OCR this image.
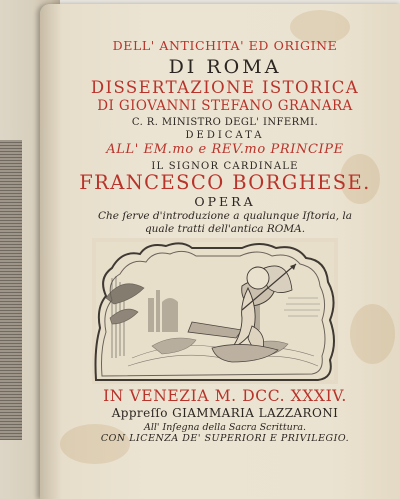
DELL' ANTICHITA' ED ORIGINE
DI ROMA
DISSERTAZIONE ISTORICA
DI GIOVANNI STEFANO GRANARA
C. R. MINISTRO DEGL' INFERMI.
DEDICATA
ALL' EM.mo e REV.mo PRINCIPE
IL SIGNOR CARDINALE
FRANCESCO BORGHESE.
OPERA
Che ſerve d'introduzione a qualunque Iſtoria, la
quale tratti dell'antica ROMA.
IN VENEZIA M. DCC. XXXIV.
Appreſſo GIAMMARIA LAZZARONI
All' Inſegna della Sacra Scrittura.
CON LICENZA DE' SUPERIORI E PRIVILEGIO.
